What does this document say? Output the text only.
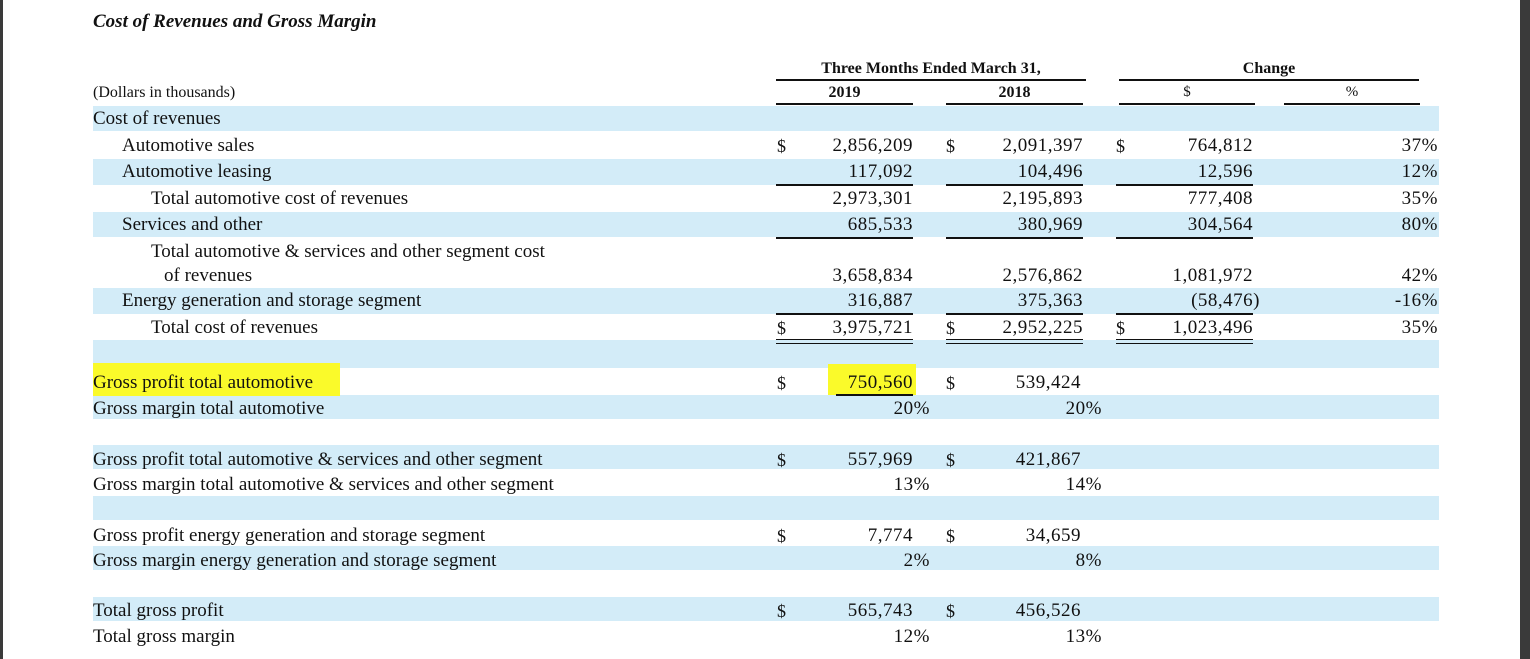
Cost of Revenues and Gross Margin
Three Months Ended March 31,
2019	2018
Change
$	%
(Dollars in thousands)
Cost of revenues
Automotive sales	$ 2,856,209 $	2,091,397 $	764,812	37%
Automotive leasing	117,092	104,496	12,596	12%
Total automotive cost of revenues	2,973,301	2,195,893	777,408	35%
Services and other	685,533	380,969	304,564	80%
Total automotive & services and other segment cost
of revenues	3,658,834	2,576,862	1,081,972	42%
Energy generation and storage segment	316,887	375,363	(58,476)	-16%
Total cost of revenues	$ 3,975,721 $	2,952,225 $	1,023,496	35%
Gross profit total automotive	$	750,560 $	539,424
Gross margin total automotive	20%	20%
Gross profit total automotive & services and other segment	$	557,969 $	421,867
Gross margin total automotive & services and other segment	13%	14%
Gross profit energy generation and storage segment	$	7,774 $	34,659
Gross margin energy generation and storage segment	2%	8%
Total gross profit	$	565,743 $	456,526
Total gross margin	12%	13%
